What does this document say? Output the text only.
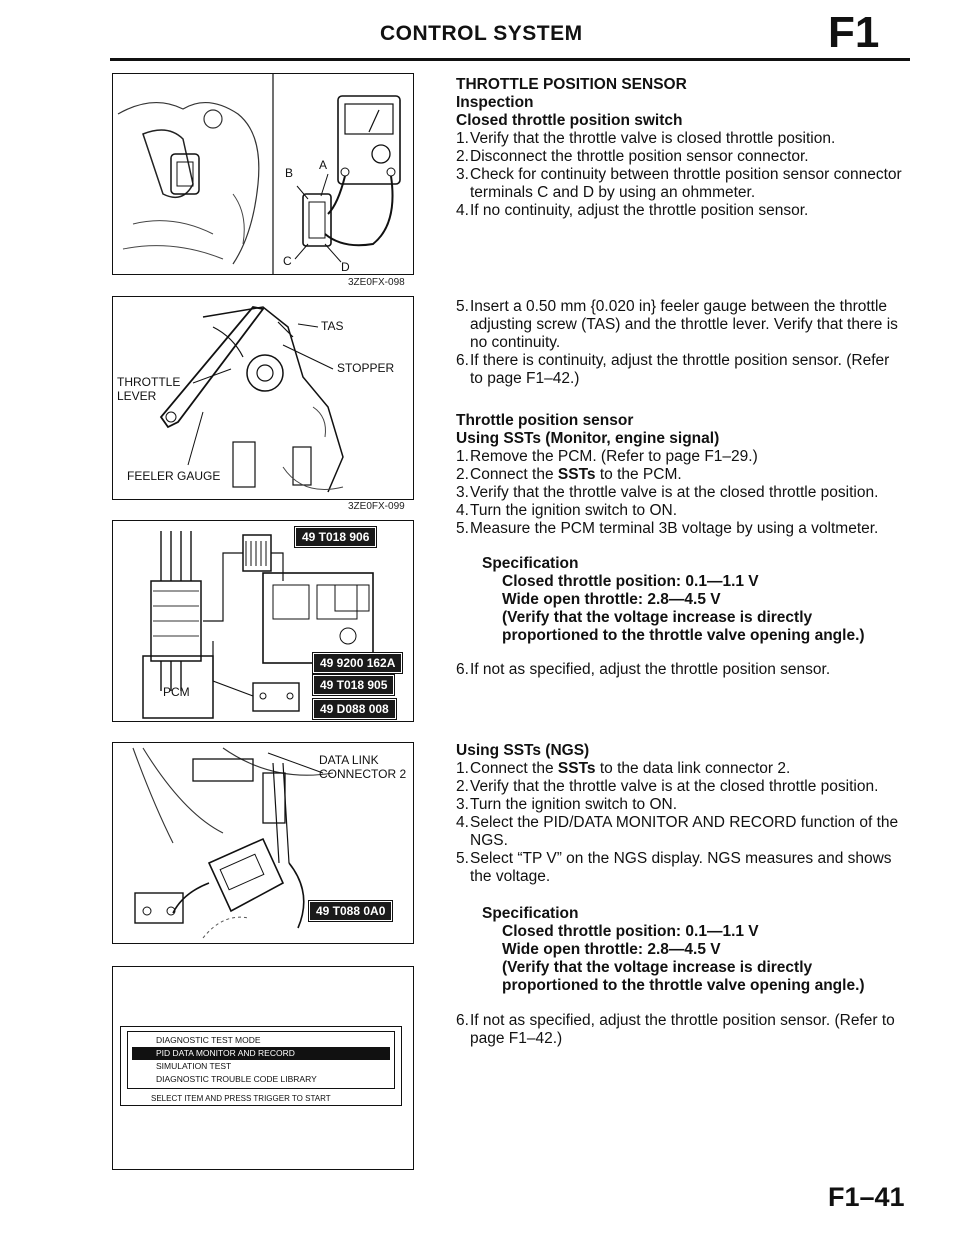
CONTROL SYSTEM	F1
B
A
C	D
3ZE0FX-098
TAS
STOPPER
THROTTLE
LEVER
FEELER GAUGE
3ZE0FX-099
49 T018 906
49 9200 162A
49 T018 905
49 D088 008
PCM
DATA LINK
CONNECTOR 2
49 T088 0A0
DIAGNOSTIC TEST MODE
PID DATA MONITOR AND RECORD
SIMULATION TEST
DIAGNOSTIC TROUBLE CODE LIBRARY
SELECT ITEM AND PRESS TRIGGER TO START

THROTTLE POSITION SENSOR

Inspection

Closed throttle position switch

1. Verify that the throttle valve is closed throttle position.
2. Disconnect the throttle position sensor connector.
3. Check for continuity between throttle position sensor connector terminals C and D by using an ohmmeter.
4. If no continuity, adjust the throttle position sensor.
5. Insert a 0.50 mm {0.020 in} feeler gauge between the throttle adjusting screw (TAS) and the throttle lever. Verify that there is no continuity.
6. If there is continuity, adjust the throttle position sensor. (Refer to page F1–42.)

Throttle position sensor

Using SSTs (Monitor, engine signal)

1. Remove the PCM. (Refer to page F1–29.)
2. Connect the SSTs to the PCM.
3. Verify that the throttle valve is at the closed throttle position.
4. Turn the ignition switch to ON.
5. Measure the PCM terminal 3B voltage by using a voltmeter.
Specification
Closed throttle position: 0.1—1.1 V
Wide open throttle: 2.8—4.5 V
(Verify that the voltage increase is directly proportioned to the throttle valve opening angle.)
6. If not as specified, adjust the throttle position sensor.

Using SSTs (NGS)

1. Connect the SSTs to the data link connector 2.
2. Verify that the throttle valve is at the closed throttle position.
3. Turn the ignition switch to ON.
4. Select the PID/DATA MONITOR AND RECORD function of the NGS.
5. Select “TP V” on the NGS display. NGS measures and shows the voltage.
Specification
Closed throttle position: 0.1—1.1 V
Wide open throttle: 2.8—4.5 V
(Verify that the voltage increase is directly proportioned to the throttle valve opening angle.)
6. If not as specified, adjust the throttle position sensor. (Refer to page F1–42.)
F1–41
